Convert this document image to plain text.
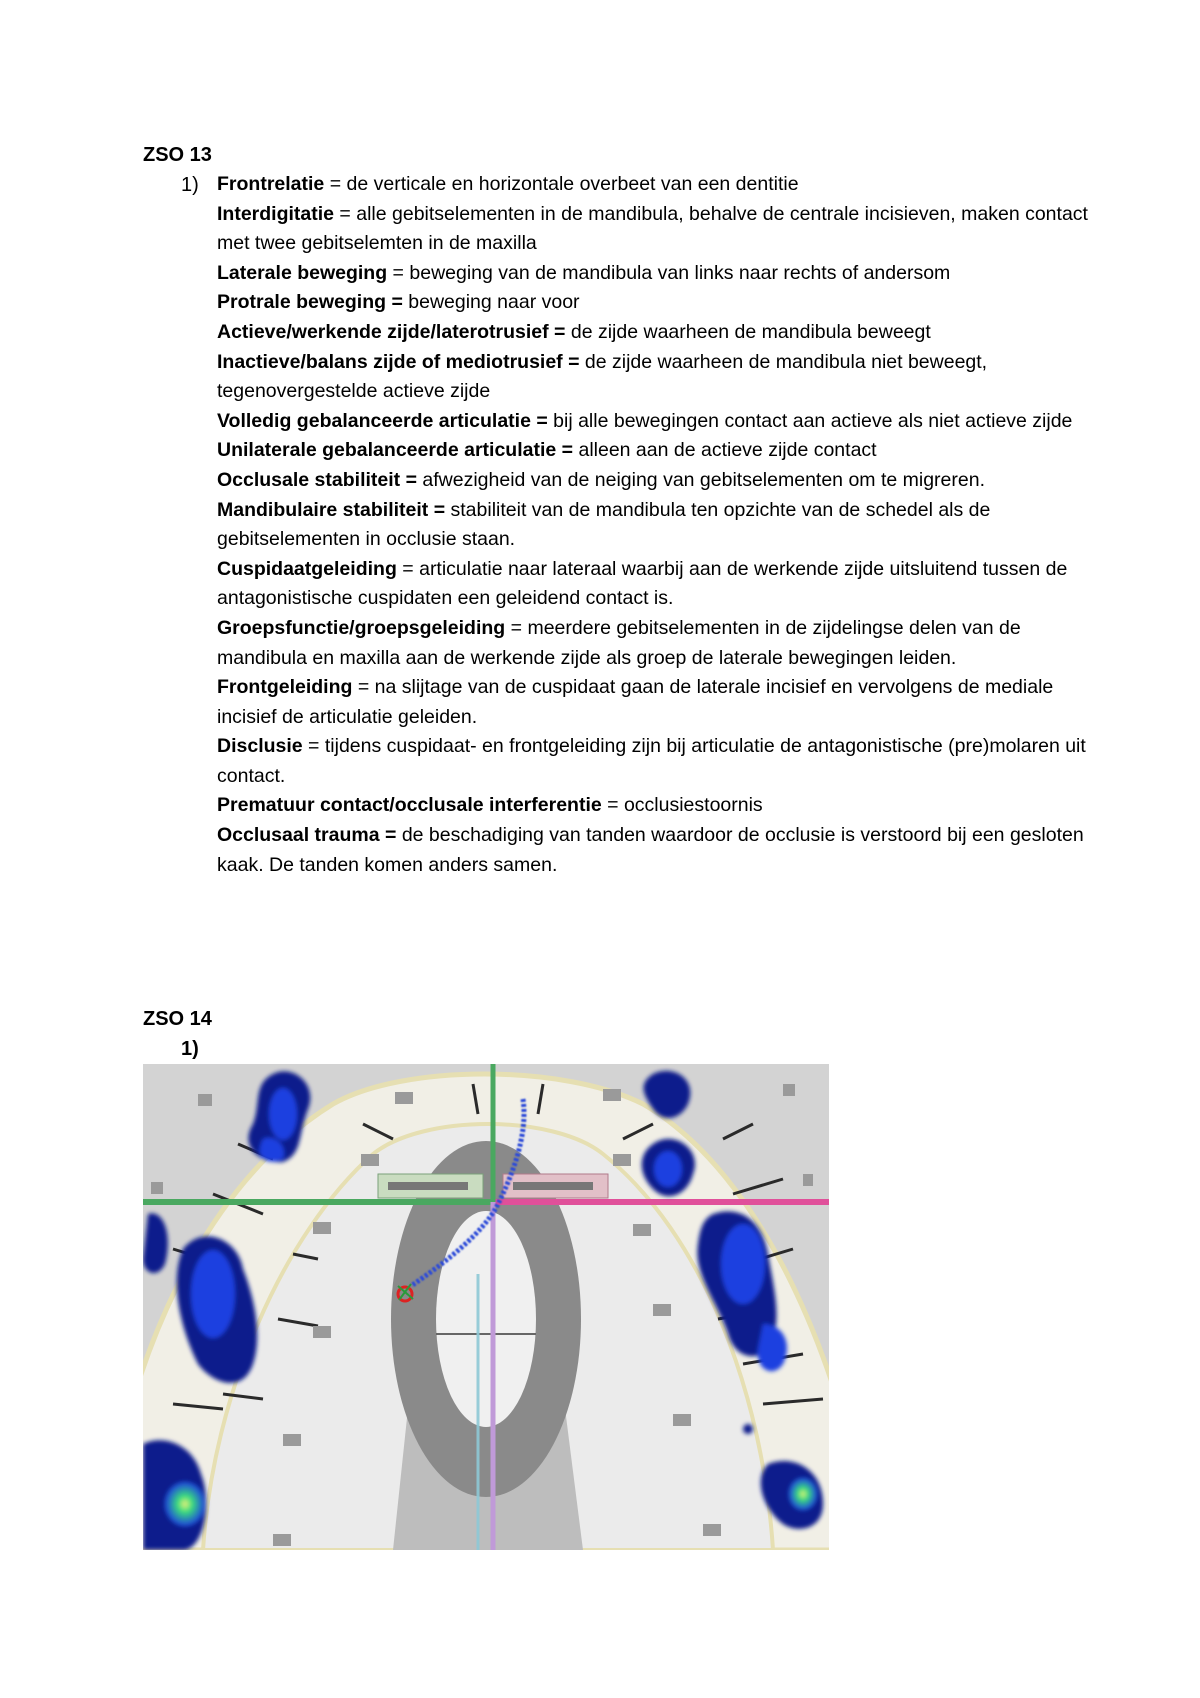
ZSO 13
1) Frontrelatie = de verticale en horizontale overbeet van een dentitie

Interdigitatie = alle gebitselementen in de mandibula, behalve de centrale incisieven, maken contact met twee gebitselemten in de maxilla

Laterale beweging = beweging van de mandibula van links naar rechts of andersom

Protrale beweging = beweging naar voor

Actieve/werkende zijde/laterotrusief = de zijde waarheen de mandibula beweegt

Inactieve/balans zijde of mediotrusief = de zijde waarheen de mandibula niet beweegt, tegenovergestelde actieve zijde

Volledig gebalanceerde articulatie = bij alle bewegingen contact aan actieve als niet actieve zijde

Unilaterale gebalanceerde articulatie = alleen aan de actieve zijde contact

Occlusale stabiliteit = afwezigheid van de neiging van gebitselementen om te migreren.

Mandibulaire stabiliteit = stabiliteit van de mandibula ten opzichte van de schedel als de gebitselementen in occlusie staan.

Cuspidaatgeleiding = articulatie naar lateraal waarbij aan de werkende zijde uitsluitend tussen de antagonistische cuspidaten een geleidend contact is.

Groepsfunctie/groepsgeleiding = meerdere gebitselementen in de zijdelingse delen van de mandibula en maxilla aan de werkende zijde als groep de laterale bewegingen leiden.

Frontgeleiding = na slijtage van de cuspidaat gaan de laterale incisief en vervolgens de mediale incisief de articulatie geleiden.

Disclusie = tijdens cuspidaat- en frontgeleiding zijn bij articulatie de antagonistische (pre)molaren uit contact.

Prematuur contact/occlusale interferentie = occlusiestoornis

Occlusaal trauma = de beschadiging van tanden waardoor de occlusie is verstoord bij een gesloten kaak. De tanden komen anders samen.

ZSO 14
1)
